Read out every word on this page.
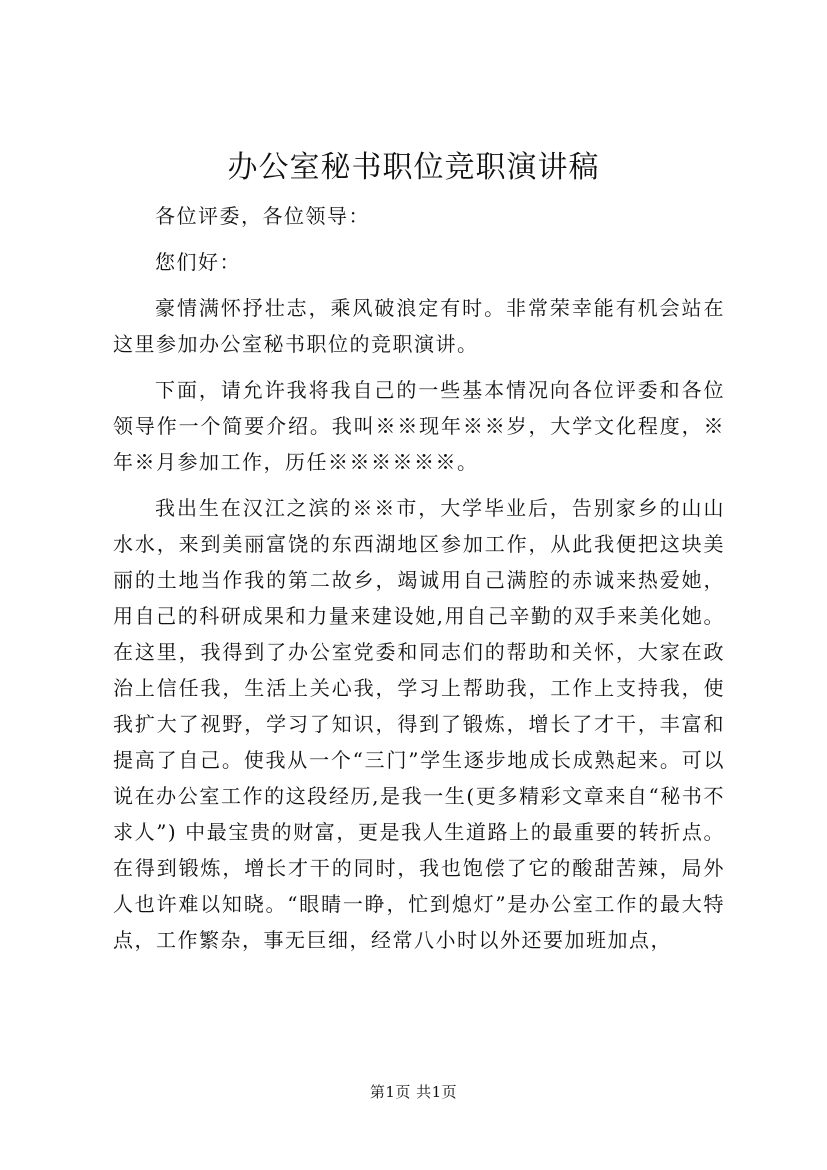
办公室秘书职位竞职演讲稿

各位评委，各位领导：

您们好：

豪情满怀抒壮志，乘风破浪定有时。非常荣幸能有机会站在这里参加办公室秘书职位的竞职演讲。

下面，请允许我将我自己的一些基本情况向各位评委和各位领导作一个简要介绍。我叫※※现年※※岁，大学文化程度，※年※月参加工作，历任※※※※※※。

我出生在汉江之滨的※※市，大学毕业后，告别家乡的山山水水，来到美丽富饶的东西湖地区参加工作，从此我便把这块美丽的土地当作我的第二故乡，竭诚用自己满腔的赤诚来热爱她，用自己的科研成果和力量来建设她,用自己辛勤的双手来美化她。在这里，我得到了办公室党委和同志们的帮助和关怀，大家在政治上信任我，生活上关心我，学习上帮助我，工作上支持我，使我扩大了视野，学习了知识，得到了锻炼，增长了才干，丰富和提高了自己。使我从一个“三门”学生逐步地成长成熟起来。可以说在办公室工作的这段经历,是我一生(更多精彩文章来自“秘书不求人”) 中最宝贵的财富，更是我人生道路上的最重要的转折点。在得到锻炼，增长才干的同时，我也饱偿了它的酸甜苦辣，局外人也许难以知晓。“眼睛一睁，忙到熄灯”是办公室工作的最大特点，工作繁杂，事无巨细，经常八小时以外还要加班加点，

第1页 共1页
